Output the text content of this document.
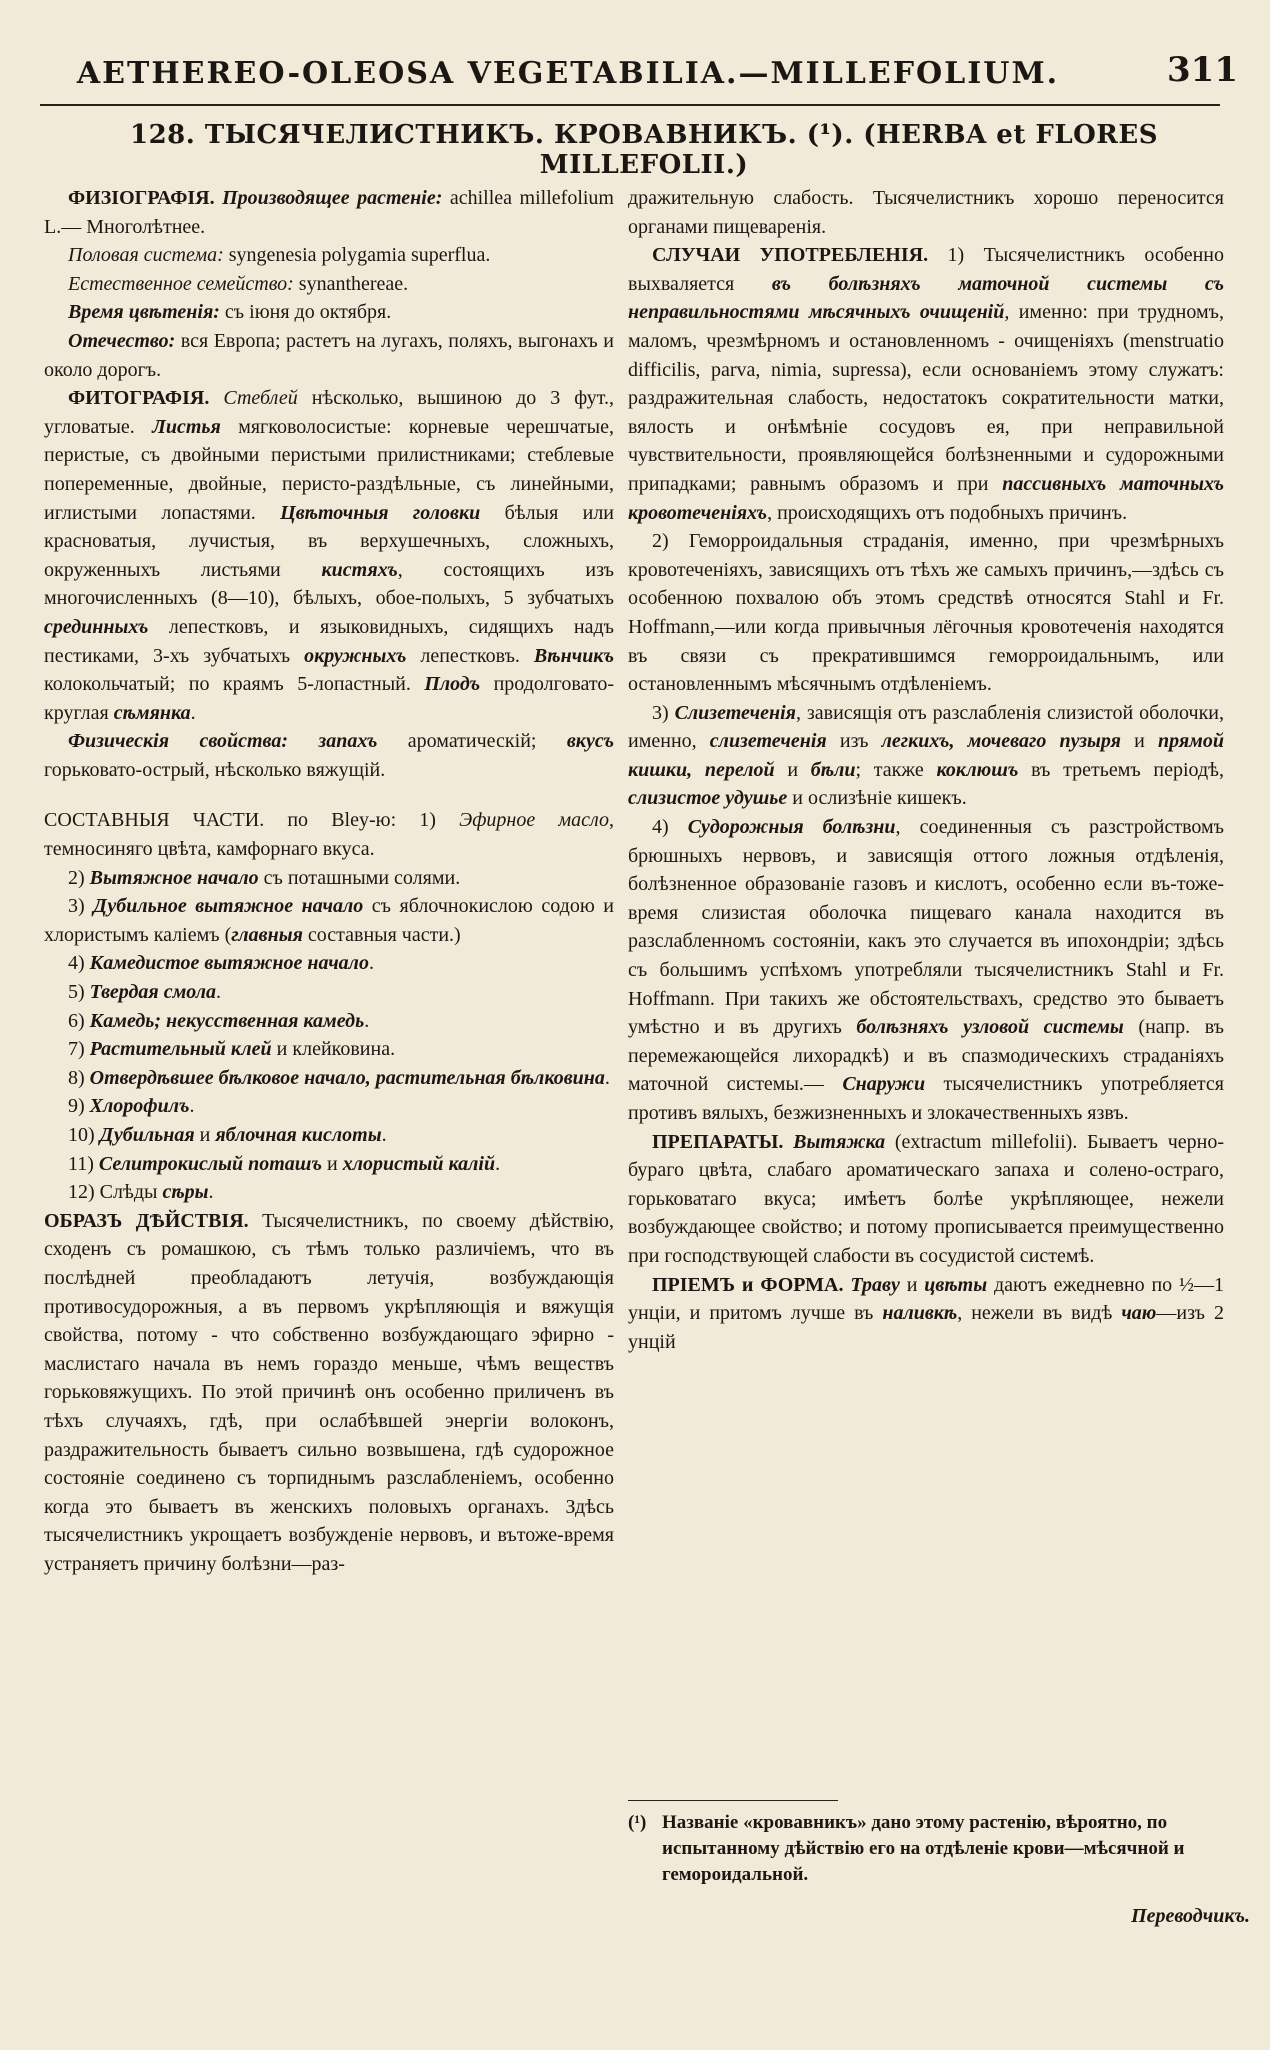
AETHEREO-OLEOSA VEGETABILIA.—MILLEFOLIUM.	311
128. ТЫСЯЧЕЛИСТНИКЪ. КРОВАВНИКЪ. (¹). (HERBA et FLORES MILLEFOLII.)

ФИЗІОГРАФІЯ. Производящее растеніе: achillea millefolium L.— Многолѣтнее.

Половая система: syngenesia polygamia superflua.

Естественное семейство: synanthereae.

Время цвѣтенія: съ іюня до октября.

Отечество: вся Европа; растетъ на лугахъ, поляхъ, выгонахъ и около дорогъ.

ФИТОГРАФІЯ. Стеблей нѣсколько, вышиною до 3 фут., угловатые. Листья мягковолосистые: корневые черешчатые, перистые, съ двойными перистыми прилистниками; стеблевые попеременные, двойные, перисто-раздѣльные, съ линейными, иглистыми лопастями. Цвѣточныя головки бѣлыя или красноватыя, лучистыя, въ верхушечныхъ, сложныхъ, окруженныхъ листьями кистяхъ, состоящихъ изъ многочисленныхъ (8—10), бѣлыхъ, обое-полыхъ, 5 зубчатыхъ срединныхъ лепестковъ, и языковидныхъ, сидящихъ надъ пестиками, 3-хъ зубчатыхъ окружныхъ лепестковъ. Вѣнчикъ колокольчатый; по краямъ 5-лопастный. Плодъ продолговато-круглая сѣмянка.

Физическія свойства: запахъ ароматическій; вкусъ горьковато-острый, нѣсколько вяжущій.

СОСТАВНЫЯ ЧАСТИ. по Bley-ю: 1) Эфирное масло, темносиняго цвѣта, камфорнаго вкуса.

2) Вытяжное начало съ поташными солями.

3) Дубильное вытяжное начало съ яблочнокислою содою и хлористымъ каліемъ (главныя составныя части.)

4) Камедистое вытяжное начало.

5) Твердая смола.

6) Камедь; некусственная камедь.

7) Растительный клей и клейковина.

8) Отвердѣвшее бѣлковое начало, растительная бѣлковина.

9) Хлорофилъ.

10) Дубильная и яблочная кислоты.

11) Селитрокислый поташъ и хлористый калій.

12) Слѣды сѣры.

ОБРАЗЪ ДѢЙСТВІЯ. Тысячелистникъ, по своему дѣйствію, сходенъ съ ромашкою, съ тѣмъ только различіемъ, что въ послѣдней преобладаютъ летучія, возбуждающія противосудорожныя, а въ первомъ укрѣпляющія и вяжущія свойства, потому - что собственно возбуждающаго эфирно - маслистаго начала въ немъ гораздо меньше, чѣмъ веществъ горьковяжущихъ. По этой причинѣ онъ особенно приличенъ въ тѣхъ случаяхъ, гдѣ, при ослабѣвшей энергіи волоконъ, раздражительность бываетъ сильно возвышена, гдѣ судорожное состояніе соединено съ торпиднымъ разслабленіемъ, особенно когда это бываетъ въ женскихъ половыхъ органахъ. Здѣсь тысячелистникъ укрощаетъ возбужденіе нервовъ, и вътоже-время устраняетъ причину болѣзни—раз-

дражительную слабость. Тысячелистникъ хорошо переносится органами пищеваренія.

СЛУЧАИ УПОТРЕБЛЕНІЯ. 1) Тысячелистникъ особенно выхваляется въ болѣзняхъ маточной системы съ неправильностями мѣсячныхъ очищеній, именно: при трудномъ, маломъ, чрезмѣрномъ и остановленномъ - очищеніяхъ (menstruatio difficilis, parva, nimia, supressa), если основаніемъ этому служатъ: раздражительная слабость, недостатокъ сократительности матки, вялость и онѣмѣніе сосудовъ ея, при неправильной чувствительности, проявляющейся болѣзненными и судорожными припадками; равнымъ образомъ и при пассивныхъ маточныхъ кровотеченіяхъ, происходящихъ отъ подобныхъ причинъ.

2) Геморроидальныя страданія, именно, при чрезмѣрныхъ кровотеченіяхъ, зависящихъ отъ тѣхъ же самыхъ причинъ,—здѣсь съ особенною похвалою объ этомъ средствѣ относятся Stahl и Fr. Hoffmann,—или когда привычныя лёгочныя кровотеченія находятся въ связи съ прекратившимся геморроидальнымъ, или остановленнымъ мѣсячнымъ отдѣленіемъ.

3) Слизетеченія, зависящія отъ разслабленія слизистой оболочки, именно, слизетеченія изъ легкихъ, мочеваго пузыря и прямой кишки, перелой и бѣли; также коклюшъ въ третьемъ періодѣ, слизистое удушье и ослизѣніе кишекъ.

4) Судорожныя болѣзни, соединенныя съ разстройствомъ брюшныхъ нервовъ, и зависящія оттого ложныя отдѣленія, болѣзненное образованіе газовъ и кислотъ, особенно если въ-тоже-время слизистая оболочка пищеваго канала находится въ разслабленномъ состояніи, какъ это случается въ ипохондріи; здѣсь съ большимъ успѣхомъ употребляли тысячелистникъ Stahl и Fr. Hoffmann. При такихъ же обстоятельствахъ, средство это бываетъ умѣстно и въ другихъ болѣзняхъ узловой системы (напр. въ перемежающейся лихорадкѣ) и въ спазмодическихъ страданіяхъ маточной системы.— Снаружи тысячелистникъ употребляется противъ вялыхъ, безжизненныхъ и злокачественныхъ язвъ.

ПРЕПАРАТЫ. Вытяжка (extractum millefolii). Бываетъ черно-бураго цвѣта, слабаго ароматическаго запаха и солено-остраго, горьковатаго вкуса; имѣетъ болѣе укрѣпляющее, нежели возбуждающее свойство; и потому прописывается преимущественно при господствующей слабости въ сосудистой системѣ.

ПРІЕМЪ и ФОРМА. Траву и цвѣты даютъ ежедневно по ½—1 унціи, и притомъ лучше въ наливкѣ, нежели въ видѣ чаю—изъ 2 унцій

(¹) Названіе «кровавникъ» дано этому растенію, вѣроятно, по испытанному дѣйствію его на отдѣленіе крови—мѣсячной и геморoидальной.
Переводчикъ.
